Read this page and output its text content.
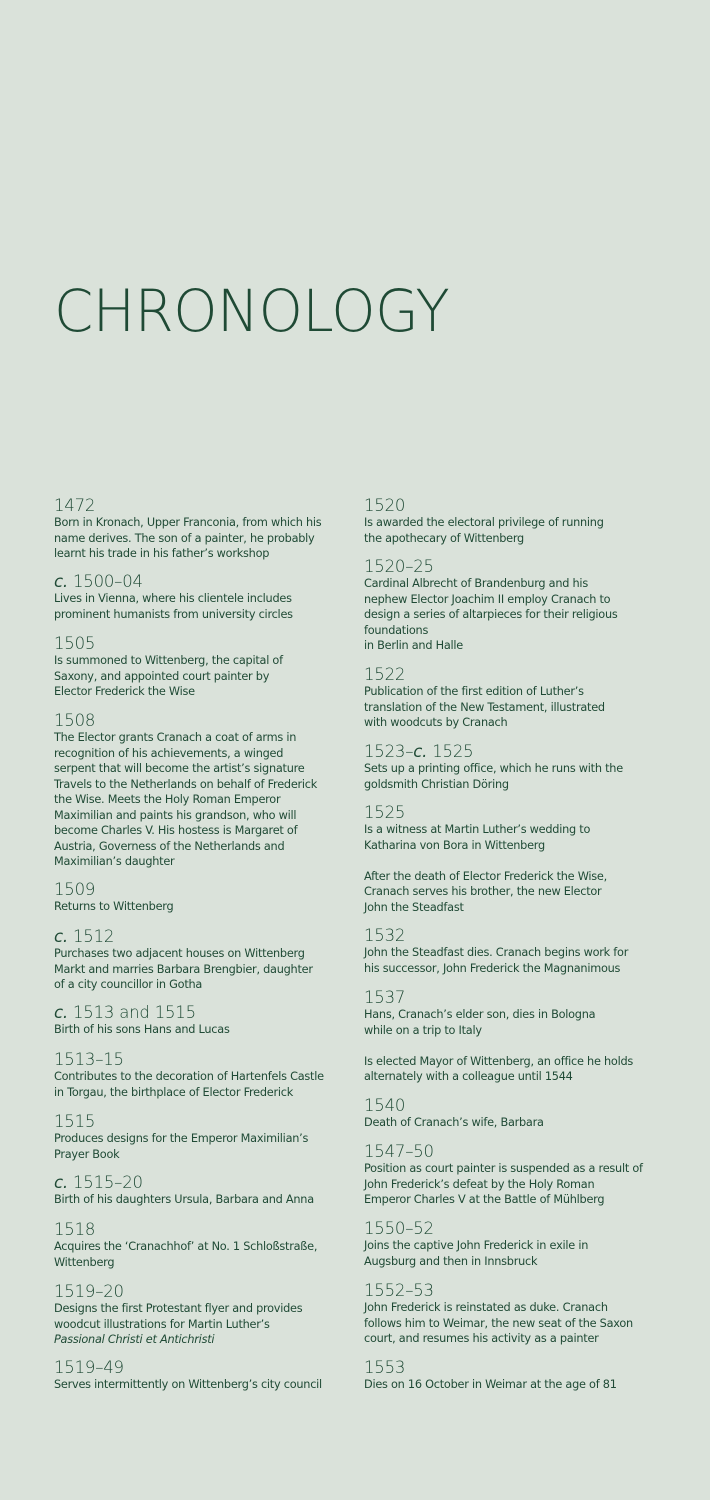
CHRONOLOGY
1472
Born in Kronach, Upper Franconia, from which his
name derives. The son of a painter, he probably
learnt his trade in his father’s workshop
c. 1500–04
Lives in Vienna, where his clientele includes
prominent humanists from university circles
1505
Is summoned to Wittenberg, the capital of
Saxony, and appointed court painter by
Elector Frederick the Wise
1508
The Elector grants Cranach a coat of arms in
recognition of his achievements, a winged
serpent that will become the artist’s signature
Travels to the Netherlands on behalf of Frederick
the Wise. Meets the Holy Roman Emperor
Maximilian and paints his grandson, who will
become Charles V. His hostess is Margaret of
Austria, Governess of the Netherlands and
Maximilian’s daughter
1509
Returns to Wittenberg
c. 1512
Purchases two adjacent houses on Wittenberg
Markt and marries Barbara Brengbier, daughter
of a city councillor in Gotha
c. 1513 and 1515
Birth of his sons Hans and Lucas
1513–15
Contributes to the decoration of Hartenfels Castle
in Torgau, the birthplace of Elector Frederick
1515
Produces designs for the Emperor Maximilian’s
Prayer Book
c. 1515–20
Birth of his daughters Ursula, Barbara and Anna
1518
Acquires the ‘Cranachhof’ at No. 1 Schloßstraße,
Wittenberg
1519–20
Designs the first Protestant flyer and provides
woodcut illustrations for Martin Luther’s
Passional Christi et Antichristi
1519–49
Serves intermittently on Wittenberg’s city council
1520
Is awarded the electoral privilege of running
the apothecary of Wittenberg
1520–25
Cardinal Albrecht of Brandenburg and his
nephew Elector Joachim II employ Cranach to
design a series of altarpieces for their religious
foundations
in Berlin and Halle
1522
Publication of the first edition of Luther’s
translation of the New Testament, illustrated
with woodcuts by Cranach
1523–c. 1525
Sets up a printing office, which he runs with the
goldsmith Christian Döring
1525
Is a witness at Martin Luther’s wedding to
Katharina von Bora in Wittenberg
After the death of Elector Frederick the Wise,
Cranach serves his brother, the new Elector
John the Steadfast
1532
John the Steadfast dies. Cranach begins work for
his successor, John Frederick the Magnanimous
1537
Hans, Cranach’s elder son, dies in Bologna
while on a trip to Italy
Is elected Mayor of Wittenberg, an office he holds
alternately with a colleague until 1544
1540
Death of Cranach’s wife, Barbara
1547–50
Position as court painter is suspended as a result of
John Frederick’s defeat by the Holy Roman
Emperor Charles V at the Battle of Mühlberg
1550–52
Joins the captive John Frederick in exile in
Augsburg and then in Innsbruck
1552–53
John Frederick is reinstated as duke. Cranach
follows him to Weimar, the new seat of the Saxon
court, and resumes his activity as a painter
1553
Dies on 16 October in Weimar at the age of 81
